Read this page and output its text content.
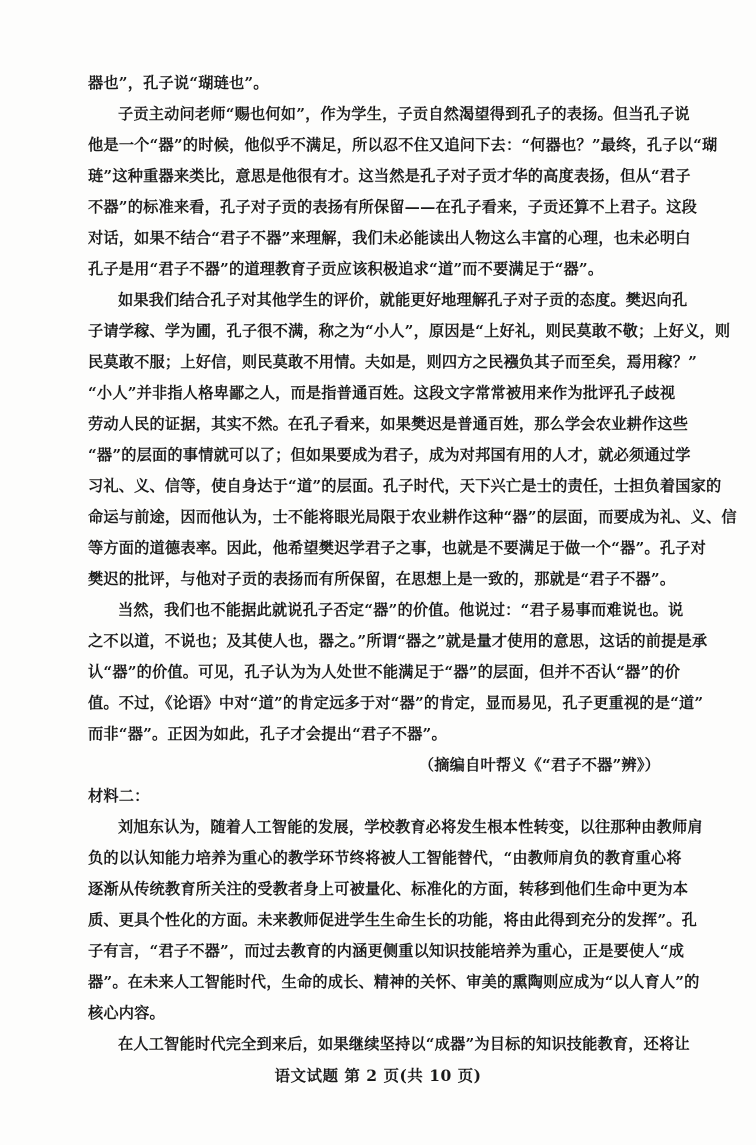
器也”，孔子说“瑚琏也”。
子贡主动问老师“赐也何如”，作为学生，子贡自然渴望得到孔子的表扬。但当孔子说
他是一个“器”的时候，他似乎不满足，所以忍不住又追问下去：“何器也？”最终，孔子以“瑚
琏”这种重器来类比，意思是他很有才。这当然是孔子对子贡才华的高度表扬，但从“君子
不器”的标准来看，孔子对子贡的表扬有所保留——在孔子看来，子贡还算不上君子。这段
对话，如果不结合“君子不器”来理解，我们未必能读出人物这么丰富的心理，也未必明白
孔子是用“君子不器”的道理教育子贡应该积极追求“道”而不要满足于“器”。
如果我们结合孔子对其他学生的评价，就能更好地理解孔子对子贡的态度。樊迟向孔
子请学稼、学为圃，孔子很不满，称之为“小人”，原因是“上好礼，则民莫敢不敬；上好义，则
民莫敢不服；上好信，则民莫敢不用情。夫如是，则四方之民襁负其子而至矣，焉用稼？”
“小人”并非指人格卑鄙之人，而是指普通百姓。这段文字常常被用来作为批评孔子歧视
劳动人民的证据，其实不然。在孔子看来，如果樊迟是普通百姓，那么学会农业耕作这些
“器”的层面的事情就可以了；但如果要成为君子，成为对邦国有用的人才，就必须通过学
习礼、义、信等，使自身达于“道”的层面。孔子时代，天下兴亡是士的责任，士担负着国家的
命运与前途，因而他认为，士不能将眼光局限于农业耕作这种“器”的层面，而要成为礼、义、信
等方面的道德表率。因此，他希望樊迟学君子之事，也就是不要满足于做一个“器”。孔子对
樊迟的批评，与他对子贡的表扬而有所保留，在思想上是一致的，那就是“君子不器”。
当然，我们也不能据此就说孔子否定“器”的价值。他说过：“君子易事而难说也。说
之不以道，不说也；及其使人也，器之。”所谓“器之”就是量才使用的意思，这话的前提是承
认“器”的价值。可见，孔子认为为人处世不能满足于“器”的层面，但并不否认“器”的价
值。不过，《论语》中对“道”的肯定远多于对“器”的肯定，显而易见，孔子更重视的是“道”
而非“器”。正因为如此，孔子才会提出“君子不器”。
（摘编自叶帮义《“君子不器”辨》）
材料二：
刘旭东认为，随着人工智能的发展，学校教育必将发生根本性转变，以往那种由教师肩
负的以认知能力培养为重心的教学环节终将被人工智能替代，“由教师肩负的教育重心将
逐渐从传统教育所关注的受教者身上可被量化、标准化的方面，转移到他们生命中更为本
质、更具个性化的方面。未来教师促进学生生命生长的功能，将由此得到充分的发挥”。孔
子有言，“君子不器”，而过去教育的内涵更侧重以知识技能培养为重心，正是要使人“成
器”。在未来人工智能时代，生命的成长、精神的关怀、审美的熏陶则应成为“以人育人”的
核心内容。
在人工智能时代完全到来后，如果继续坚持以“成器”为目标的知识技能教育，还将让
语文试题 第 2 页(共 10 页)
